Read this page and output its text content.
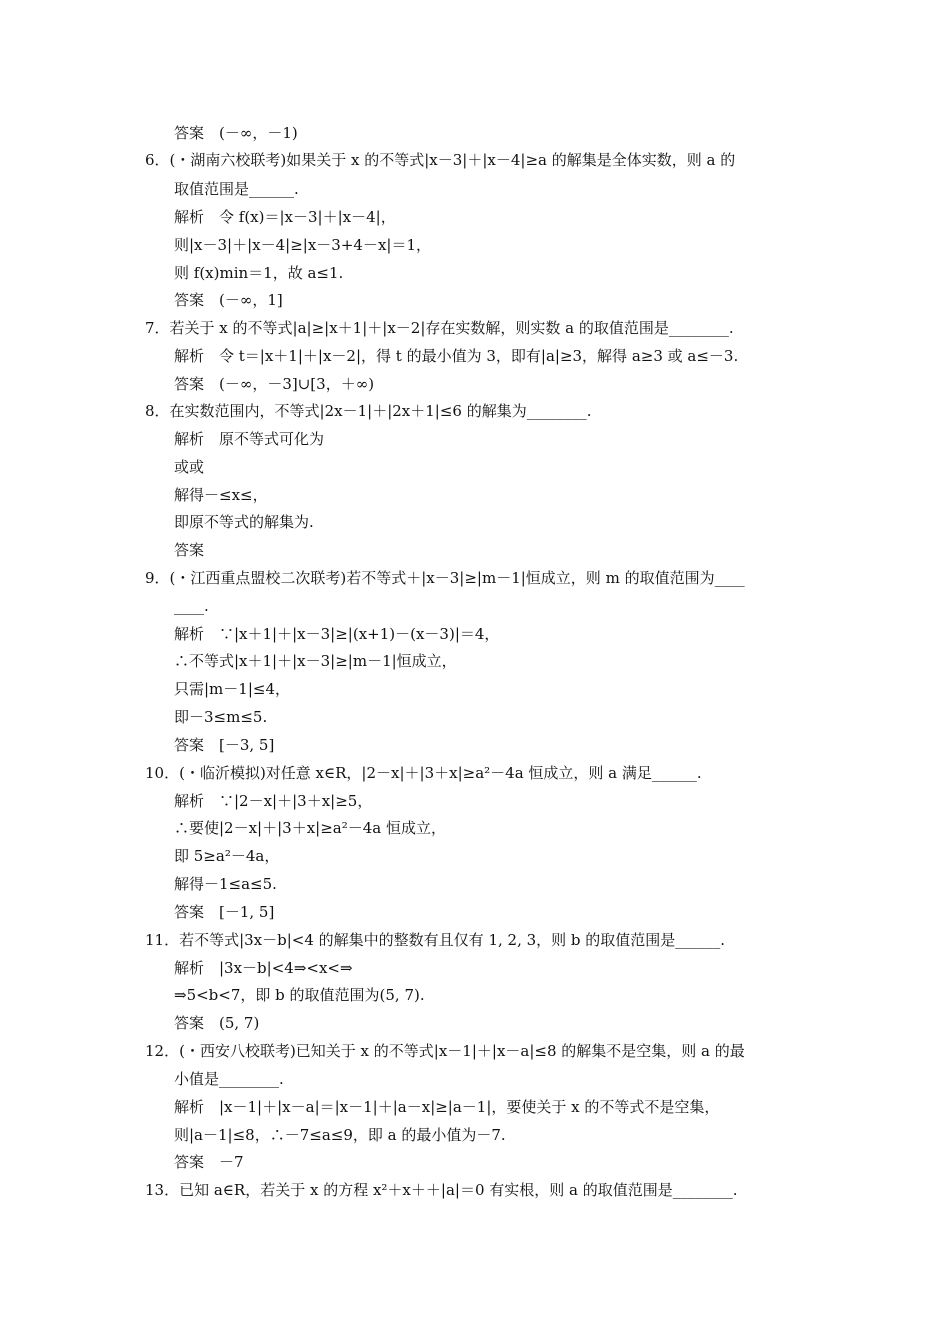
答案　(－∞，－1)
6．(・湖南六校联考)如果关于 x 的不等式|x－3|＋|x－4|≥a 的解集是全体实数，则 a 的
取值范围是______.
解析　令 f(x)＝|x－3|＋|x－4|，
则|x－3|＋|x－4|≥|x－3+4－x|＝1，
则 f(x)min＝1，故 a≤1.
答案　(－∞，1]
7．若关于 x 的不等式|a|≥|x＋1|＋|x－2|存在实数解，则实数 a 的取值范围是________.
解析　令 t＝|x＋1|＋|x－2|，得 t 的最小值为 3，即有|a|≥3，解得 a≥3 或 a≤－3.
答案　(－∞，－3]∪[3，＋∞)
8．在实数范围内，不等式|2x－1|＋|2x＋1|≤6 的解集为________.
解析　原不等式可化为
或或
解得－≤x≤，
即原不等式的解集为.
答案
9．(・江西重点盟校二次联考)若不等式＋|x－3|≥|m－1|恒成立，则 m 的取值范围为____
____.
解析　∵|x＋1|＋|x－3|≥|(x+1)－(x－3)|＝4，
∴不等式|x＋1|＋|x－3|≥|m－1|恒成立，
只需|m－1|≤4，
即－3≤m≤5.
答案　[－3, 5]
10．(・临沂模拟)对任意 x∈R，|2－x|＋|3＋x|≥a²－4a 恒成立，则 a 满足______.
解析　∵|2－x|＋|3＋x|≥5，
∴要使|2－x|＋|3＋x|≥a²－4a 恒成立，
即 5≥a²－4a，
解得－1≤a≤5.
答案　[－1, 5]
11．若不等式|3x－b|<4 的解集中的整数有且仅有 1, 2, 3，则 b 的取值范围是______.
解析　|3x－b|<4⇒<x<⇒
⇒5<b<7，即 b 的取值范围为(5, 7).
答案　(5, 7)
12．(・西安八校联考)已知关于 x 的不等式|x－1|＋|x－a|≤8 的解集不是空集，则 a 的最
小值是________.
解析　|x－1|＋|x－a|＝|x－1|＋|a－x|≥|a－1|，要使关于 x 的不等式不是空集，
则|a－1|≤8，∴－7≤a≤9，即 a 的最小值为－7.
答案　－7
13．已知 a∈R，若关于 x 的方程 x²＋x＋＋|a|＝0 有实根，则 a 的取值范围是________.
